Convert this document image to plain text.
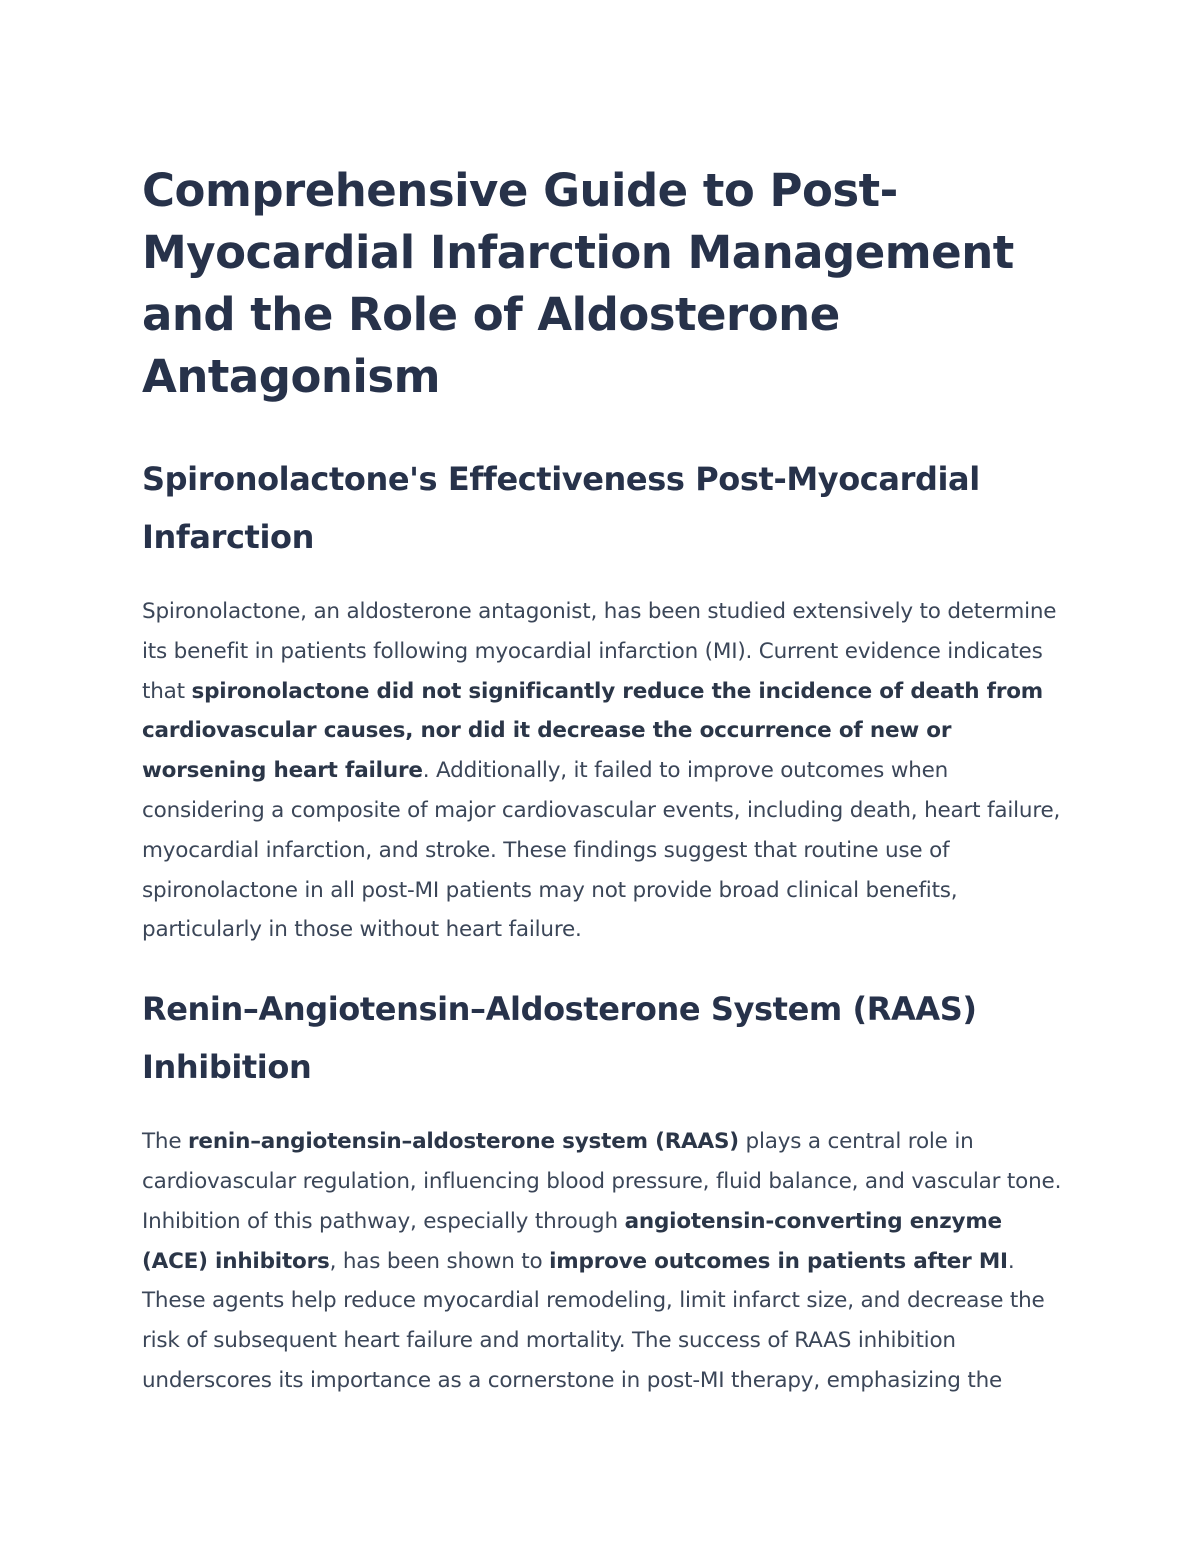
Comprehensive Guide to Post-Myocardial Infarction Management and the Role of Aldosterone Antagonism
Spironolactone's Effectiveness Post-Myocardial Infarction

Spironolactone, an aldosterone antagonist, has been studied extensively to determine its benefit in patients following myocardial infarction (MI). Current evidence indicates that spironolactone did not significantly reduce the incidence of death from cardiovascular causes, nor did it decrease the occurrence of new or worsening heart failure. Additionally, it failed to improve outcomes when considering a composite of major cardiovascular events, including death, heart failure, myocardial infarction, and stroke. These findings suggest that routine use of spironolactone in all post-MI patients may not provide broad clinical benefits, particularly in those without heart failure.

Renin–Angiotensin–Aldosterone System (RAAS) Inhibition

The renin–angiotensin–aldosterone system (RAAS) plays a central role in cardiovascular regulation, influencing blood pressure, fluid balance, and vascular tone. Inhibition of this pathway, especially through angiotensin-converting enzyme (ACE) inhibitors, has been shown to improve outcomes in patients after MI. These agents help reduce myocardial remodeling, limit infarct size, and decrease the risk of subsequent heart failure and mortality. The success of RAAS inhibition underscores its importance as a cornerstone in post-MI therapy, emphasizing the
